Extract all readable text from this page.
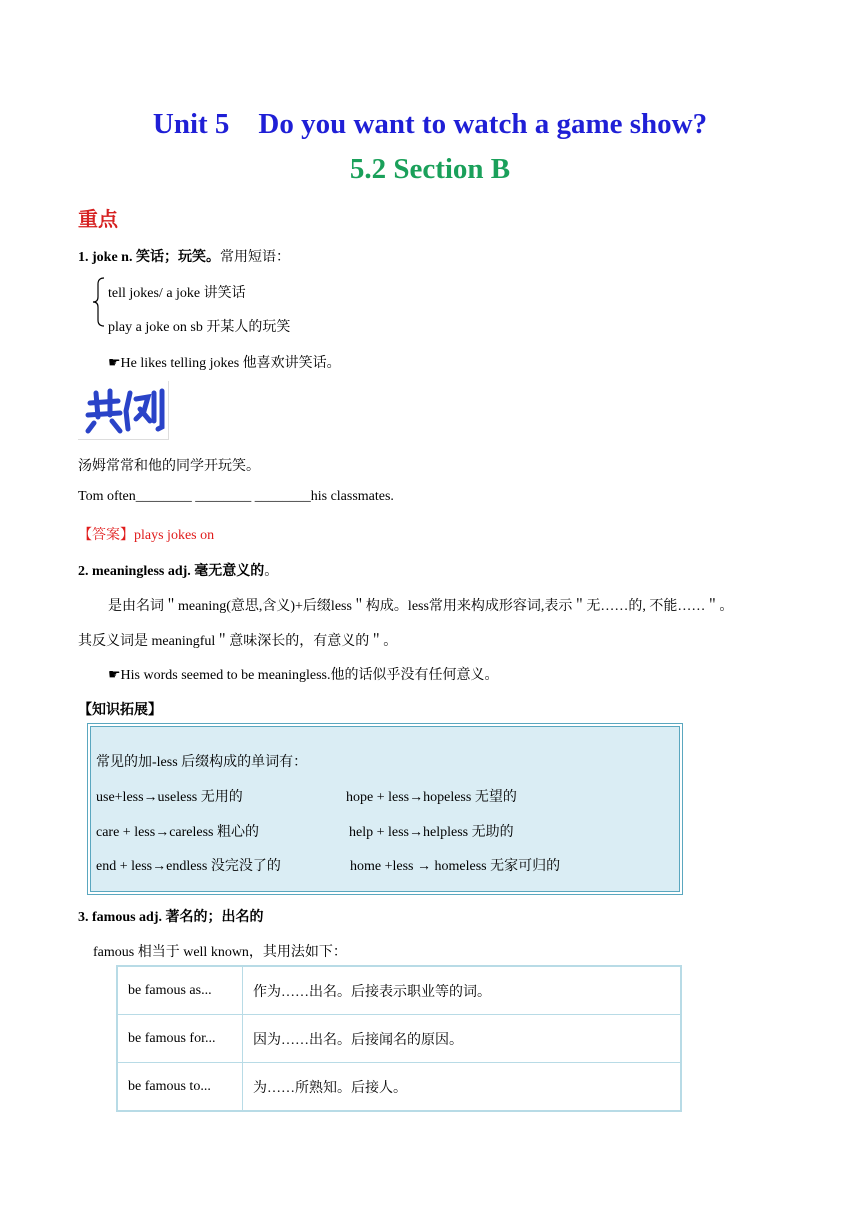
Unit 5    Do you want to watch a game show?
5.2 Section B
重点
1. joke n. 笑话；玩笑。常用短语：
tell jokes/ a joke 讲笑话
play a joke on sb 开某人的玩笑
☛He likes telling jokes 他喜欢讲笑话。
汤姆常常和他的同学开玩笑。
Tom often________ ________ ________his classmates.
【答案】plays jokes on
2. meaningless adj. 毫无意义的。
是由名词＂meaning(意思,含义)+后缀less＂构成。less常用来构成形容词,表示＂无……的, 不能……＂。
其反义词是 meaningful＂意味深长的，有意义的＂。
☛His words seemed to be meaningless.他的话似乎没有任何意义。
【知识拓展】
常见的加-less 后缀构成的单词有：
use+less→useless 无用的	hope + less→hopeless 无望的
care + less→careless 粗心的	help + less→helpless 无助的
end + less→endless 没完没了的	home +less → homeless 无家可归的
3. famous adj. 著名的；出名的
famous 相当于 well known，其用法如下：
be famous as...	作为……出名。后接表示职业等的词。
be famous for...	因为……出名。后接闻名的原因。
be famous to...	为……所熟知。后接人。
